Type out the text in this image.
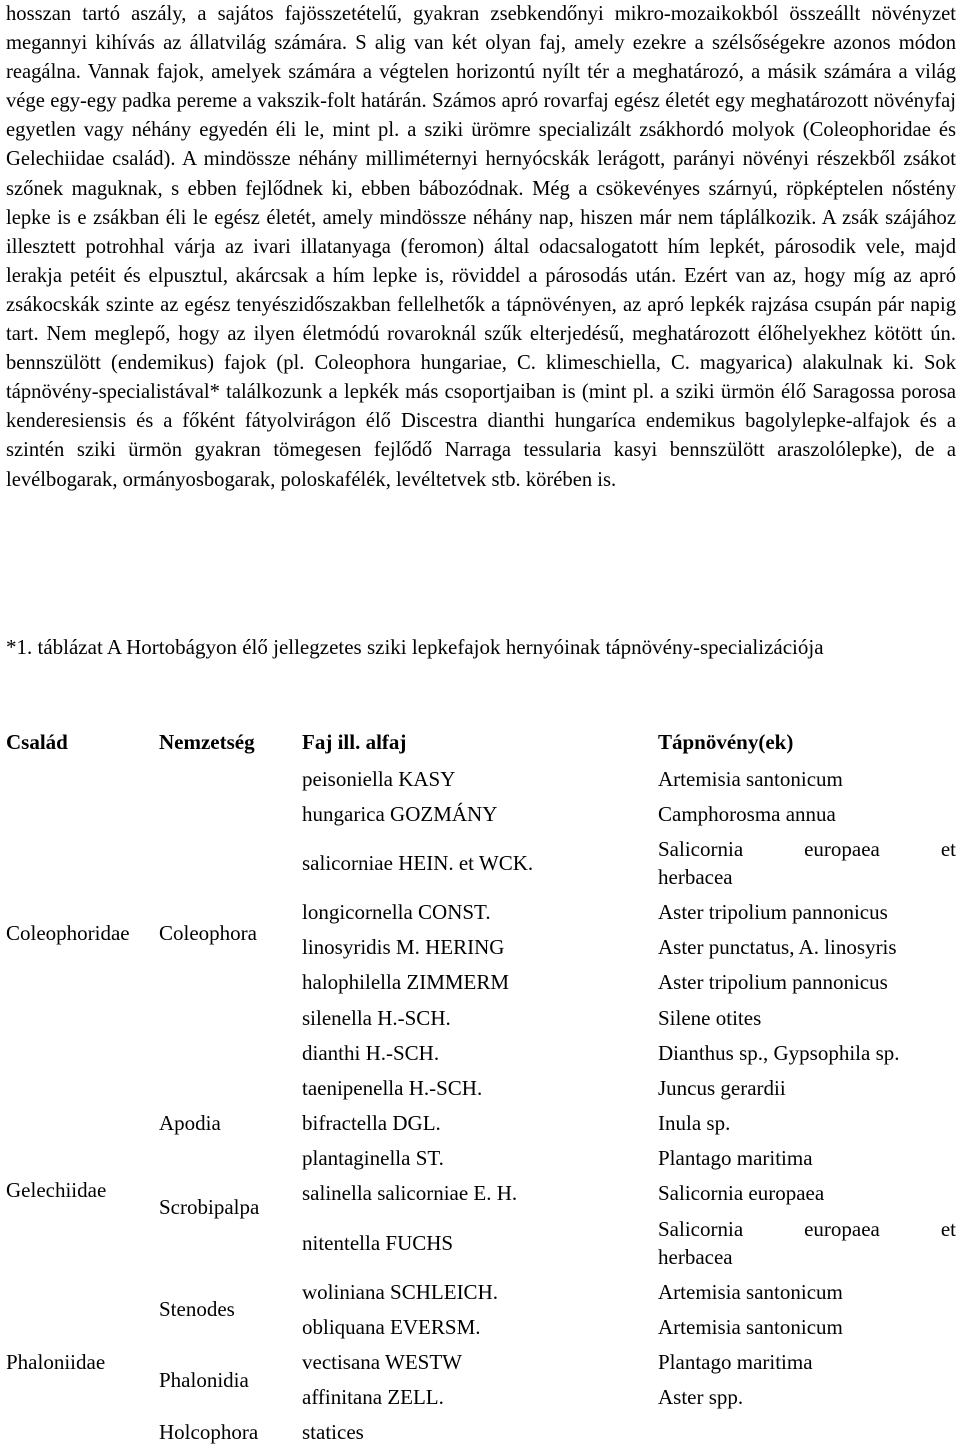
hosszan tartó aszály, a sajátos fajösszetételű, gyakran zsebkendőnyi mikro-mozaikokból összeállt növényzet megannyi kihívás az állatvilág számára. S alig van két olyan faj, amely ezekre a szélsőségekre azonos módon reagálna. Vannak fajok, amelyek számára a végtelen horizontú nyílt tér a meghatározó, a másik számára a világ vége egy-egy padka pereme a vakszik-folt határán. Számos apró rovarfaj egész életét egy meghatározott növényfaj egyetlen vagy néhány egyedén éli le, mint pl. a sziki ürömre specializált zsákhordó molyok (Coleophoridae és Gelechiidae család). A mindössze néhány milliméternyi hernyócskák lerágott, parányi növényi részekből zsákot szőnek maguknak, s ebben fejlődnek ki, ebben bábozódnak. Még a csökevényes szárnyú, röpképtelen nőstény lepke is e zsákban éli le egész életét, amely mindössze néhány nap, hiszen már nem táplálkozik. A zsák szájához illesztett potrohhal várja az ivari illatanyaga (feromon) által odacsalogatott hím lepkét, párosodik vele, majd lerakja petéit és elpusztul, akárcsak a hím lepke is, röviddel a párosodás után. Ezért van az, hogy míg az apró zsákocskák szinte az egész tenyészidőszakban fellelhetők a tápnövényen, az apró lepkék rajzása csupán pár napig tart. Nem meglepő, hogy az ilyen életmódú rovaroknál szűk elterjedésű, meghatározott élőhelyekhez kötött ún. bennszülött (endemikus) fajok (pl. Coleophora hungariae, C. klimeschiella, C. magyarica) alakulnak ki. Sok tápnövény-specialistával* találkozunk a lepkék más csoportjaiban is (mint pl. a sziki ürmön élő Saragossa porosa kenderesiensis és a főként fátyolvirágon élő Discestra dianthi hungaríca endemikus bagolylepke-alfajok és a szintén sziki ürmön gyakran tömegesen fejlődő Narraga tessularia kasyi bennszülött araszolólepke), de a levélbogarak, ormányosbogarak, poloskafélék, levéltetvek stb. körében is.

*1. táblázat A Hortobágyon élő jellegzetes sziki lepkefajok hernyóinak tápnövény-specializációja

Család	Nemzetség	Faj ill. alfaj	Tápnövény(ek)
Coleophoridae	Coleophora	peisoniella KASY	Artemisia santonicum
		hungarica GOZMÁNY	Camphorosma annua
		salicorniae HEIN. et WCK.	Salicornia europaea et
herbacea

		longicornella CONST.	Aster tripolium pannonicus
		linosyridis M. HERING	Aster punctatus, A. linosyris
		halophilella ZIMMERM	Aster tripolium pannonicus
		silenella H.-SCH.	Silene otites
		dianthi H.-SCH.	Dianthus sp., Gypsophila sp.
		taenipenella H.-SCH.	Juncus gerardii
Gelechiidae	Apodia	bifractella DGL.	Inula sp.
	Scrobipalpa	plantaginella ST.	Plantago maritima
		salinella salicorniae E. H.	Salicornia europaea
		nitentella FUCHS	Salicornia europaea et
herbacea

Phaloniidae	Stenodes	woliniana SCHLEICH.	Artemisia santonicum
		obliquana EVERSM.	Artemisia santonicum
	Phalonidia	vectisana WESTW	Plantago maritima
		affinitana ZELL.	Aster spp.
	Holcophora	statices	
